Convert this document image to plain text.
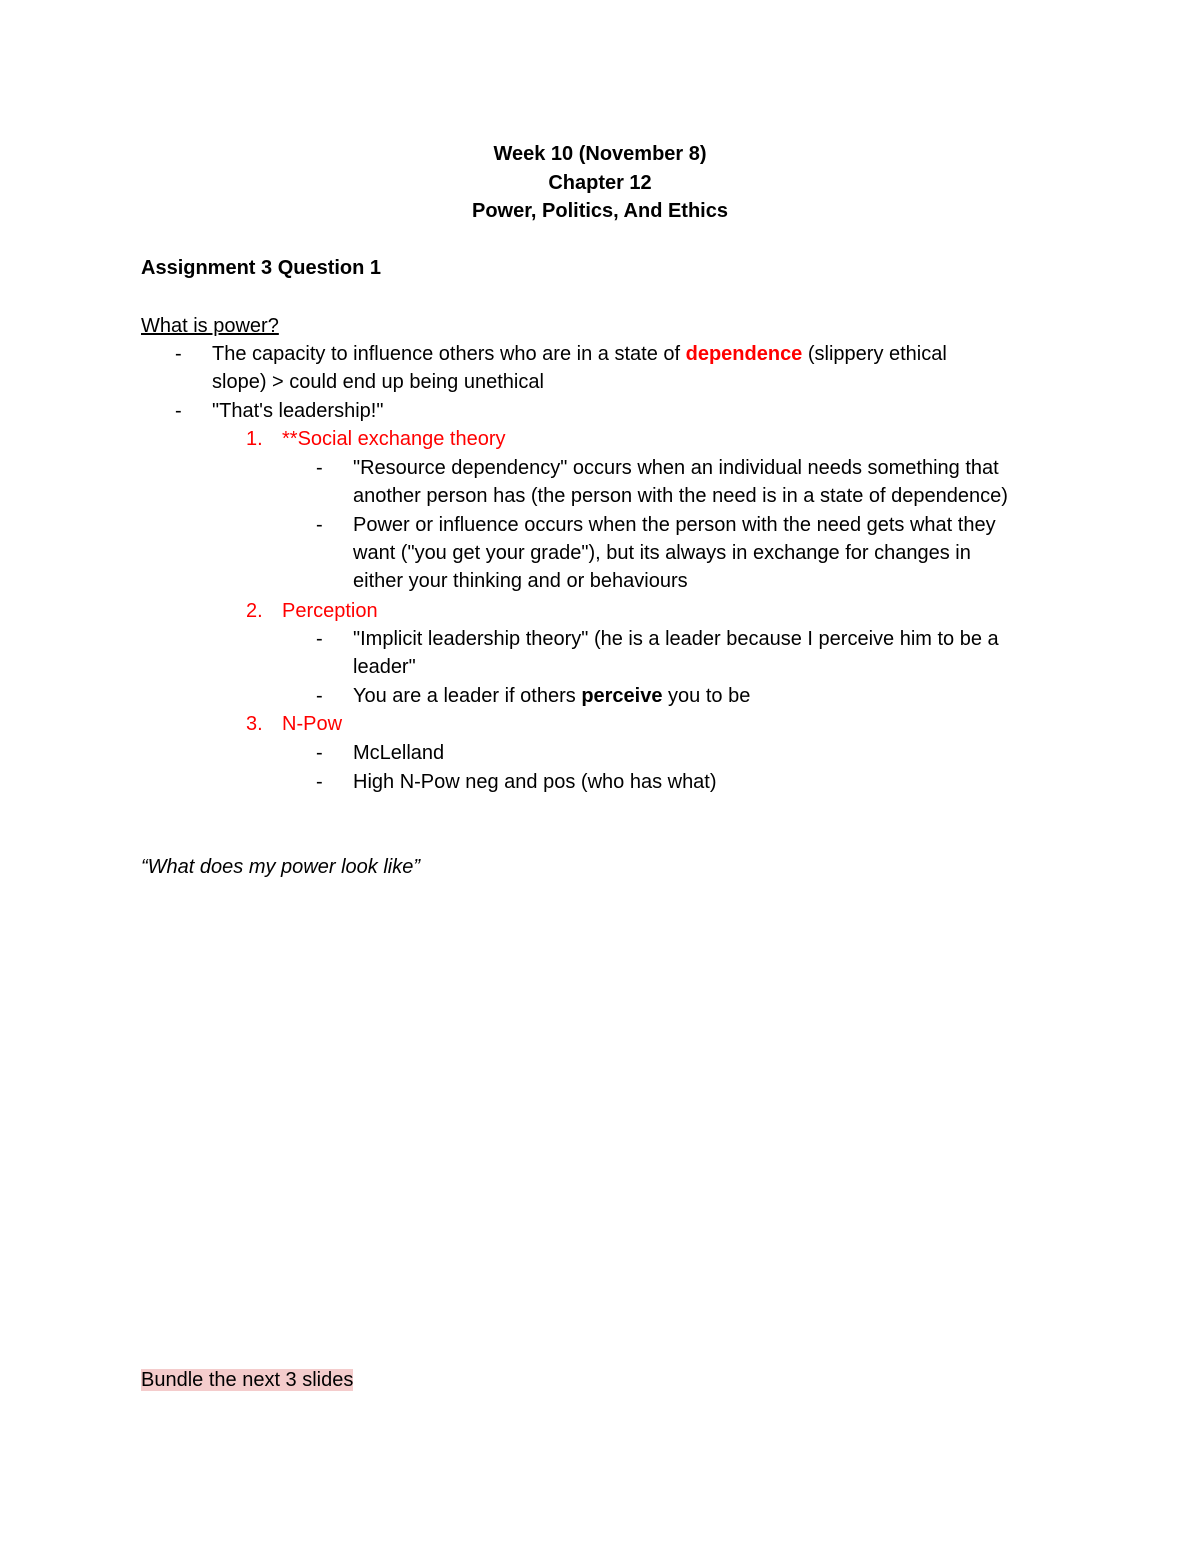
Week 10 (November 8)
Chapter 12
Power, Politics, And Ethics
Assignment 3 Question 1
What is power?
- The capacity to influence others who are in a state of dependence (slippery ethical
slope) > could end up being unethical
- "That's leadership!"
1. **Social exchange theory
- "Resource dependency" occurs when an individual needs something that
another person has (the person with the need is in a state of dependence)
- Power or influence occurs when the person with the need gets what they
want ("you get your grade"), but its always in exchange for changes in
either your thinking and or behaviours
2. Perception
- "Implicit leadership theory" (he is a leader because I perceive him to be a
leader"
- You are a leader if others perceive you to be
3. N-Pow
- McLelland
- High N-Pow neg and pos (who has what)
“What does my power look like”
Bundle the next 3 slides
